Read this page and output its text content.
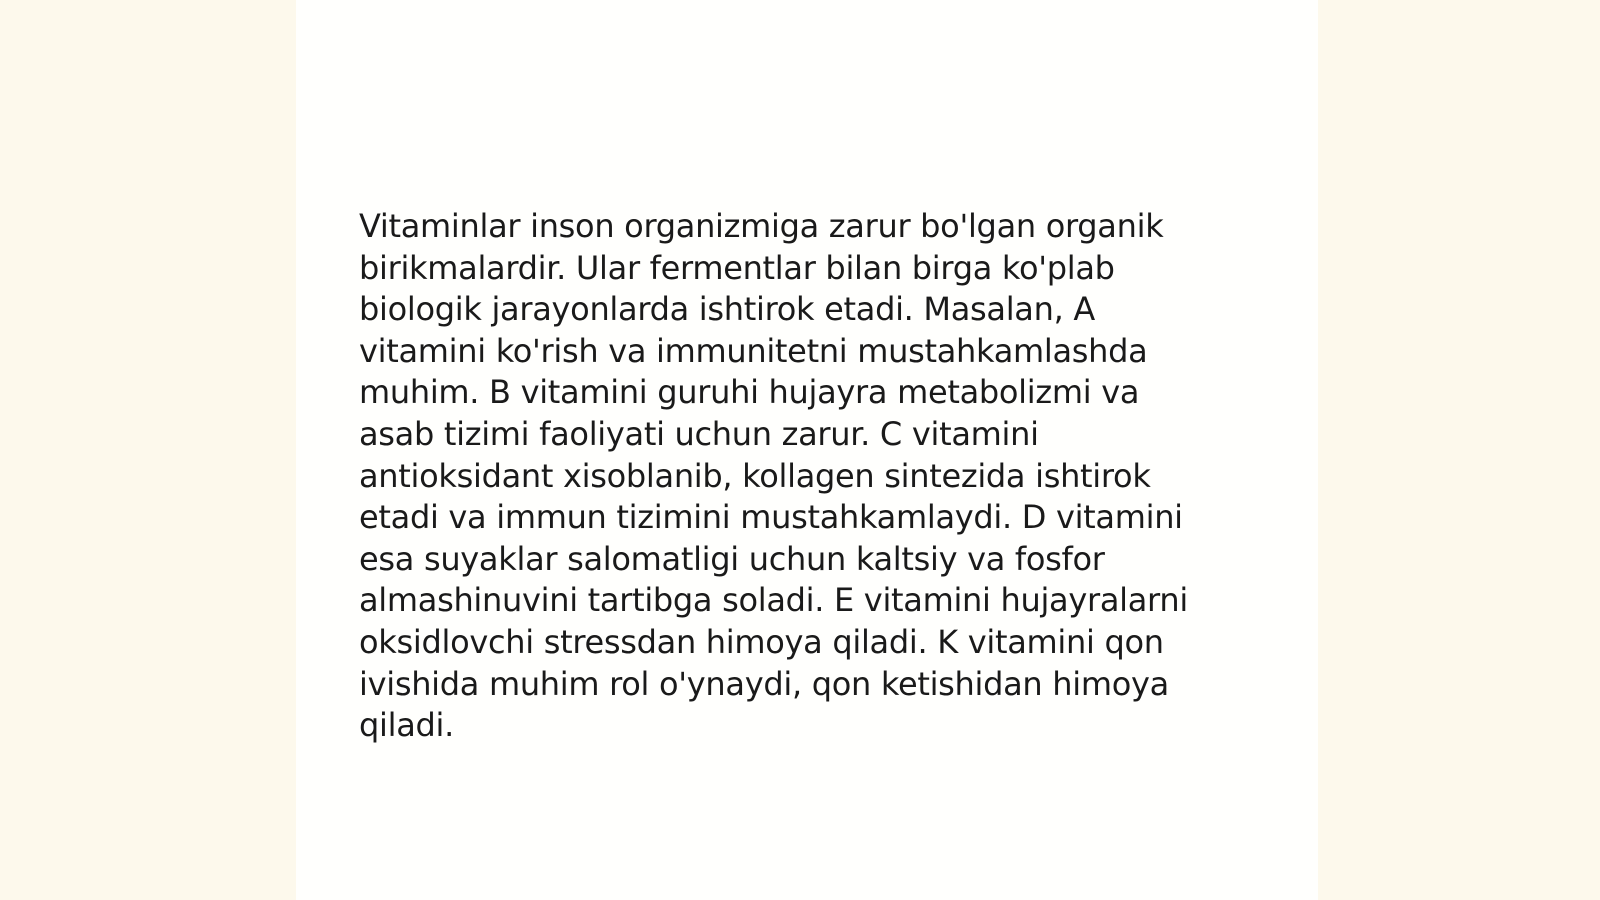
Vitaminlar inson organizmiga zarur bo'lgan organik
birikmalardir. Ular fermentlar bilan birga ko'plab
biologik jarayonlarda ishtirok etadi. Masalan, A
vitamini ko'rish va immunitetni mustahkamlashda
muhim. B vitamini guruhi hujayra metabolizmi va
asab tizimi faoliyati uchun zarur. C vitamini
antioksidant xisoblanib, kollagen sintezida ishtirok
etadi va immun tizimini mustahkamlaydi. D vitamini
esa suyaklar salomatligi uchun kaltsiy va fosfor
almashinuvini tartibga soladi. E vitamini hujayralarni
oksidlovchi stressdan himoya qiladi. K vitamini qon
ivishida muhim rol o'ynaydi, qon ketishidan himoya
qiladi.
